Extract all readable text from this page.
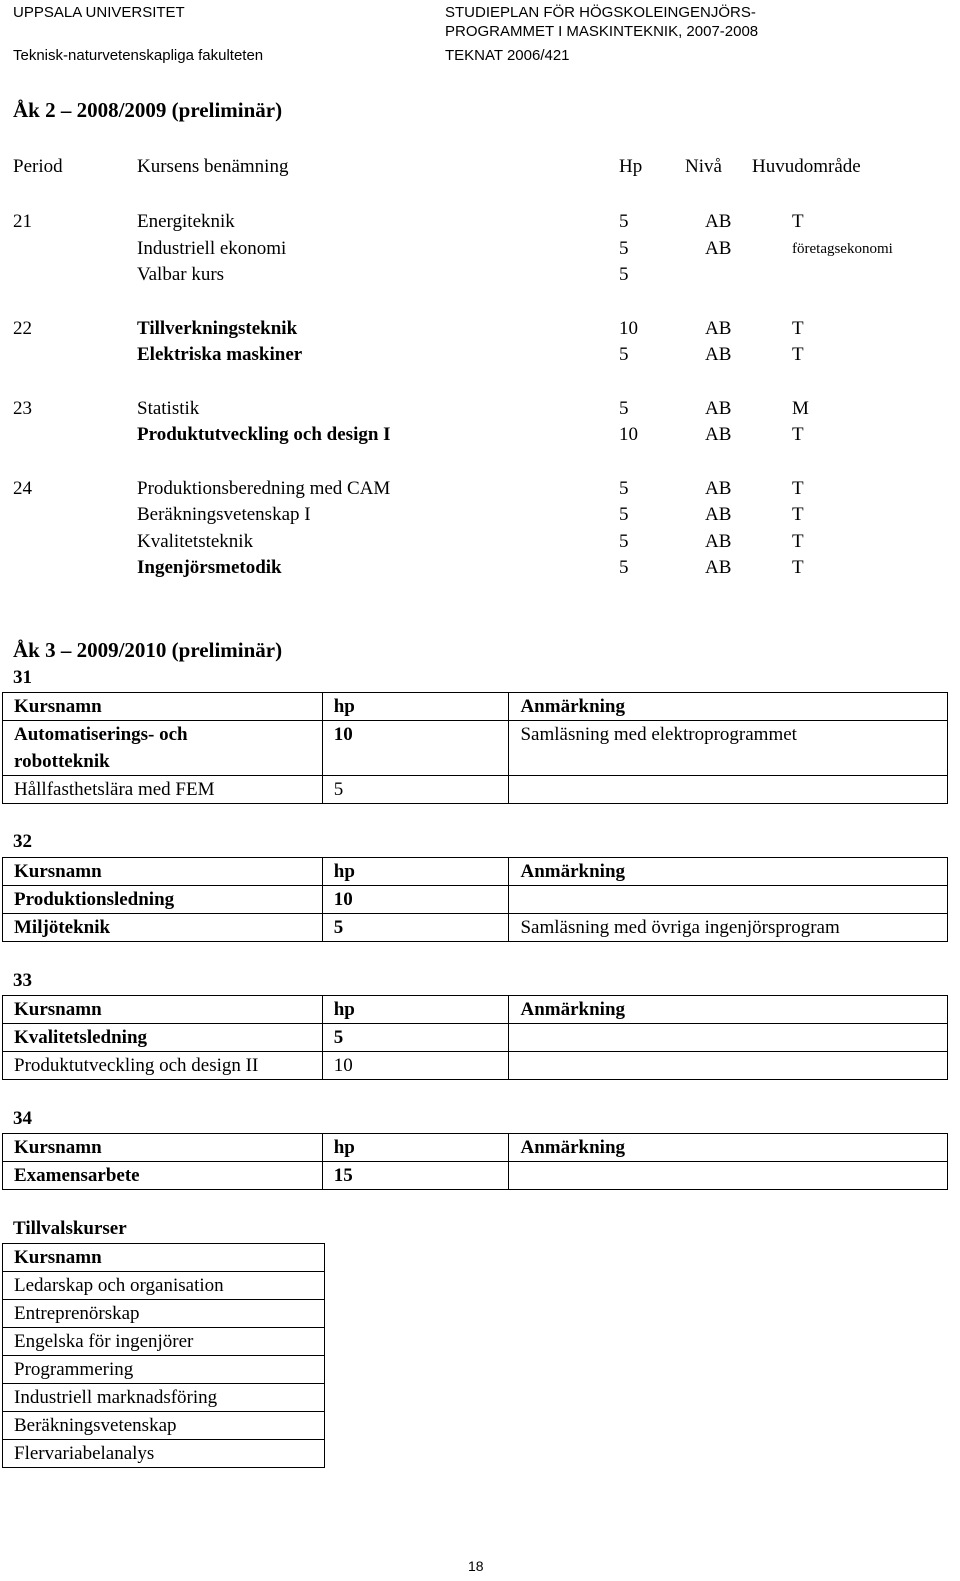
UPPSALA UNIVERSITET
Teknisk-naturvetenskapliga fakulteten
STUDIEPLAN FÖR HÖGSKOLEINGENJÖRS-
PROGRAMMET I MASKINTEKNIK, 2007-2008
TEKNAT 2006/421
Åk 2 – 2008/2009 (preliminär)
Period	Kursens benämning	Hp Nivå Huvudområde
21	Energiteknik	5	AB	T
Industriell ekonomi	5	AB	företagsekonomi
Valbar kurs	5
22	Tillverkningsteknik	10	AB	T
Elektriska maskiner	5	AB	T
23	Statistik	5	AB	M
Produktutveckling och design I	10	AB	T
24	Produktionsberedning med CAM	5	AB	T
Beräkningsvetenskap I	5	AB	T
Kvalitetsteknik	5	AB	T
Ingenjörsmetodik	5	AB	T
Åk 3 – 2009/2010 (preliminär)
31
Kursnamn	hp	Anmärkning
Automatiserings- och
robotteknik	10	Samläsning med elektroprogrammet
Hållfasthetslära med FEM	5	
32
Kursnamn	hp	Anmärkning
Produktionsledning	10	
Miljöteknik	5	Samläsning med övriga ingenjörsprogram
33
Kursnamn	hp	Anmärkning
Kvalitetsledning	5	
Produktutveckling och design II	10	
34
Kursnamn	hp	Anmärkning
Examensarbete	15	
Tillvalskurser
Kursnamn
Ledarskap och organisation
Entreprenörskap
Engelska för ingenjörer
Programmering
Industriell marknadsföring
Beräkningsvetenskap
Flervariabelanalys
18
